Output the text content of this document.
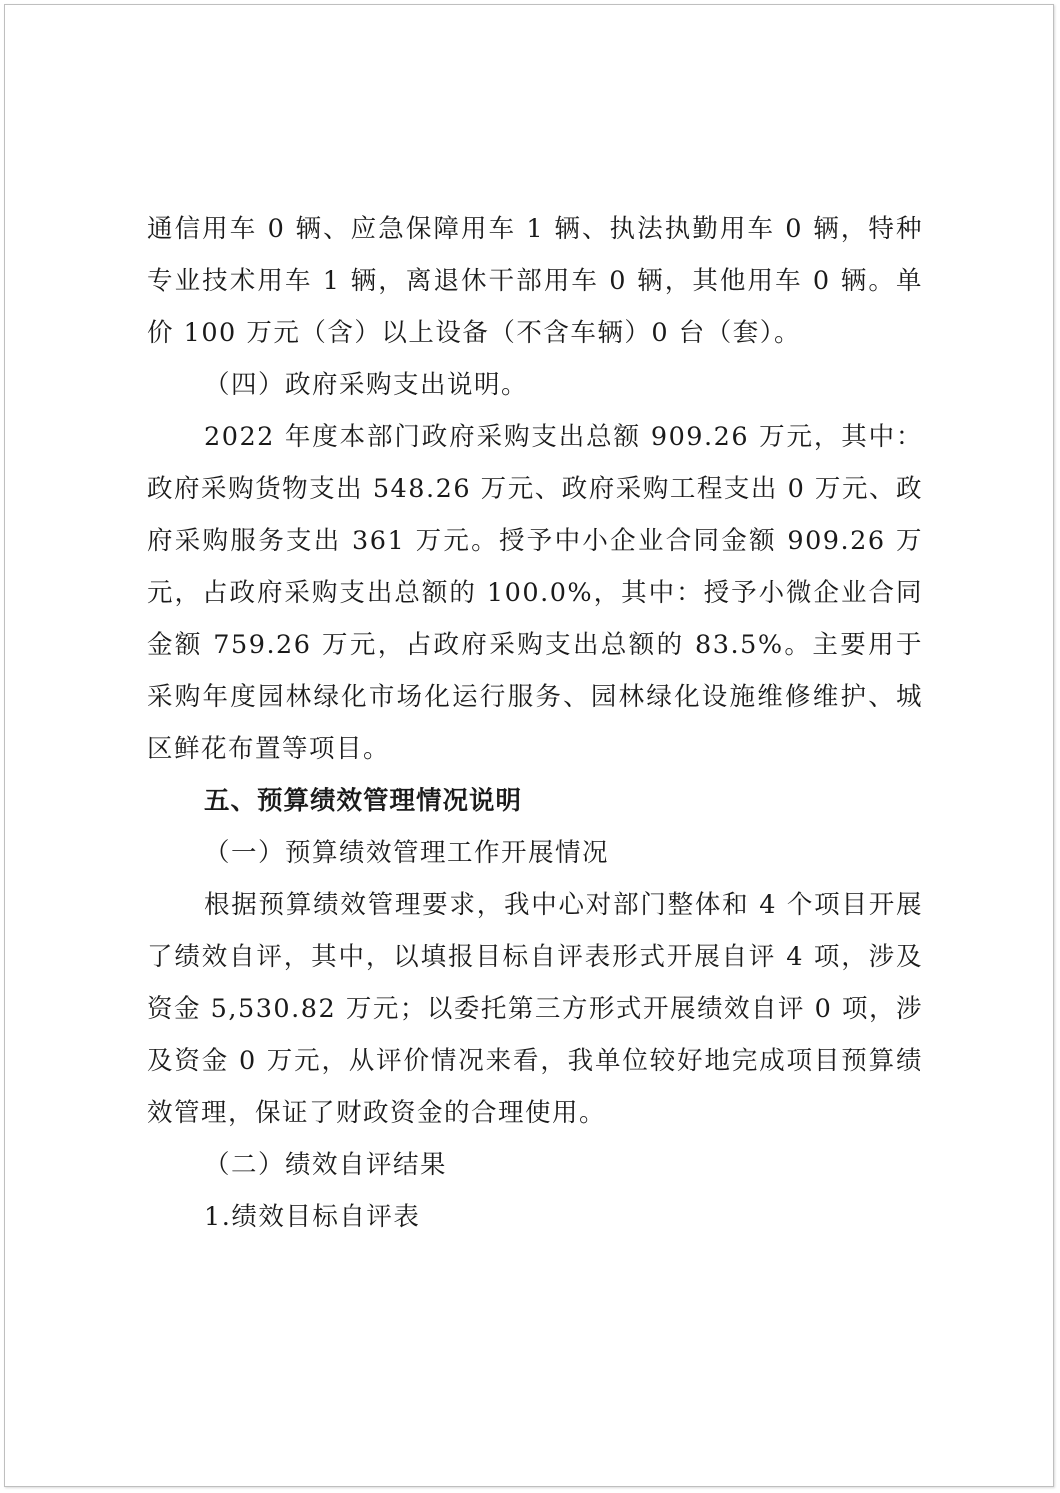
通信用车 0 辆、应急保障用车 1 辆、执法执勤用车 0 辆，特种专业技术用车 1 辆，离退休干部用车 0 辆，其他用车 0 辆。单价 100 万元（含）以上设备（不含车辆）0 台（套）。

（四）政府采购支出说明。

2022 年度本部门政府采购支出总额 909.26 万元，其中：政府采购货物支出 548.26 万元、政府采购工程支出 0 万元、政府采购服务支出 361 万元。授予中小企业合同金额 909.26 万元，占政府采购支出总额的 100.0%，其中：授予小微企业合同金额 759.26 万元，占政府采购支出总额的 83.5%。主要用于采购年度园林绿化市场化运行服务、园林绿化设施维修维护、城区鲜花布置等项目。

五、预算绩效管理情况说明

（一）预算绩效管理工作开展情况

根据预算绩效管理要求，我中心对部门整体和 4 个项目开展了绩效自评，其中，以填报目标自评表形式开展自评 4 项，涉及资金 5,530.82 万元；以委托第三方形式开展绩效自评 0 项，涉及资金 0 万元，从评价情况来看，我单位较好地完成项目预算绩效管理，保证了财政资金的合理使用。

（二）绩效自评结果

1.绩效目标自评表
